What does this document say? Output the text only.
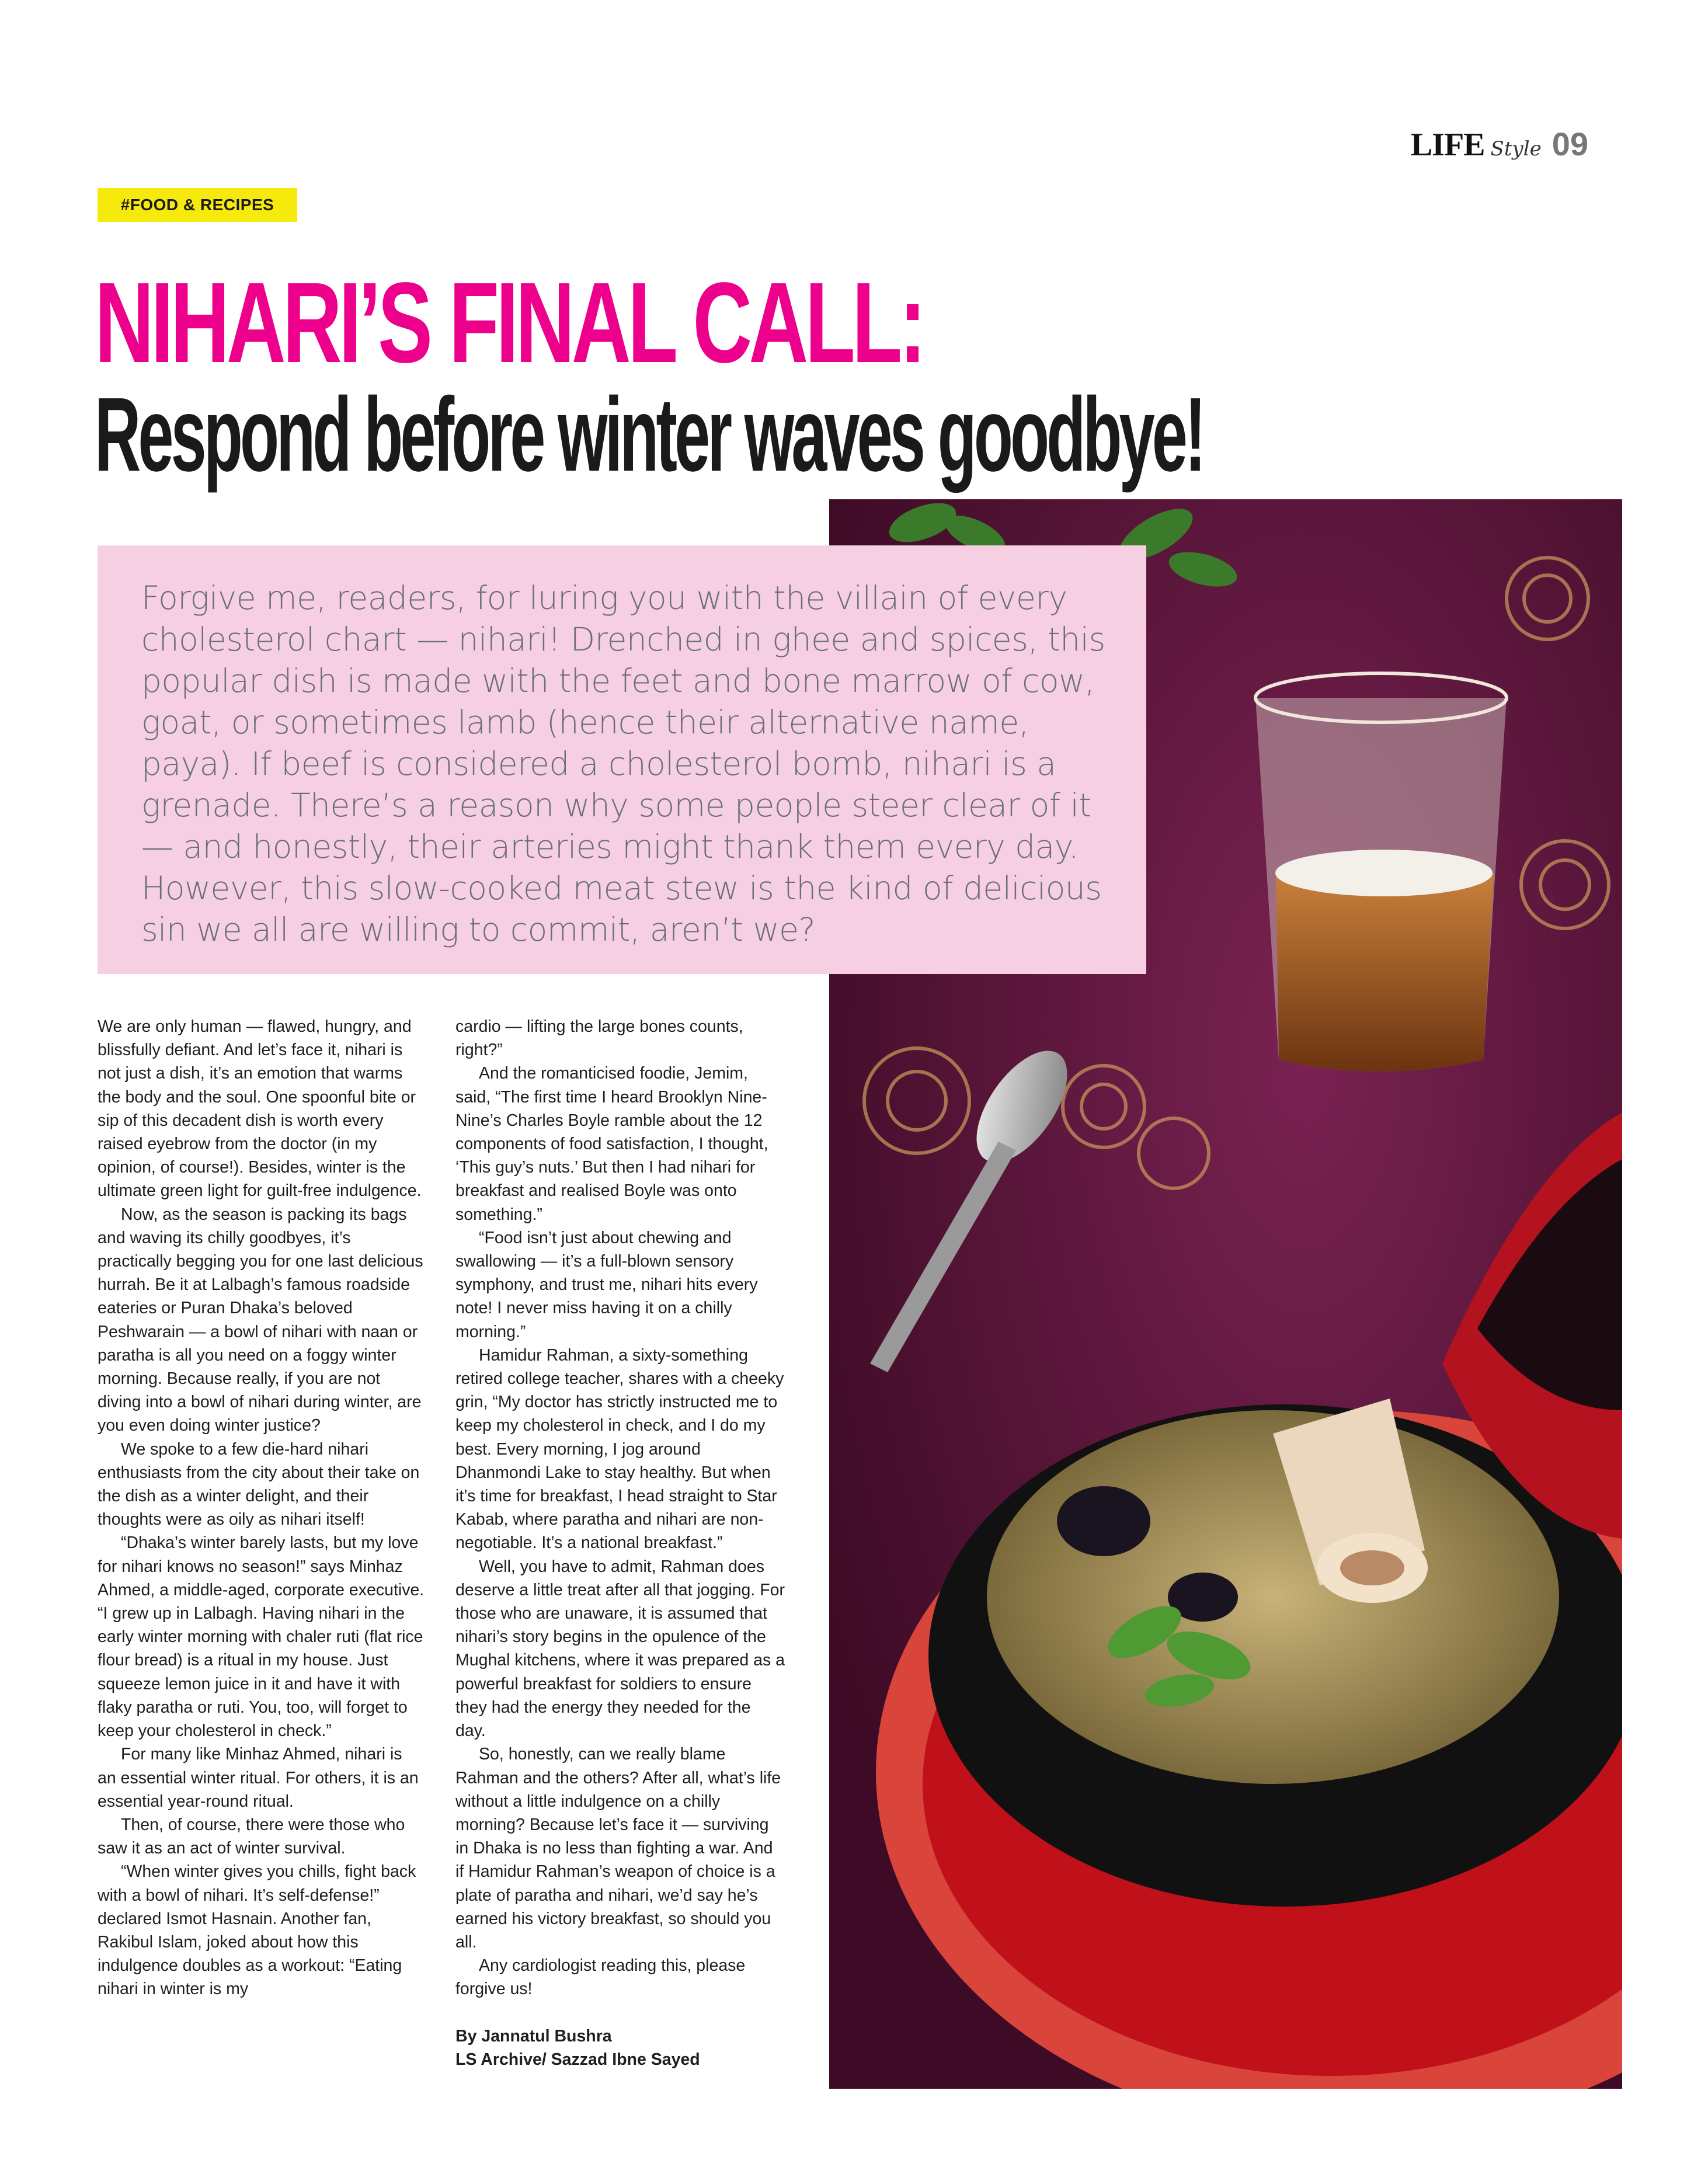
LIFE Style 09
#FOOD & RECIPES
NIHARI’S FINAL CALL:
Respond before winter waves goodbye!

Forgive me, readers, for luring you with the villain of every cholesterol chart — nihari! Drenched in ghee and spices, this popular dish is made with the feet and bone marrow of cow, goat, or sometimes lamb (hence their alternative name, paya). If beef is considered a cholesterol bomb, nihari is a grenade. There’s a reason why some people steer clear of it — and honestly, their arteries might thank them every day. However, this slow-cooked meat stew is the kind of delicious sin we all are willing to commit, aren’t we?

We are only human — flawed, hungry, and blissfully defiant. And let’s face it, nihari is not just a dish, it’s an emotion that warms the body and the soul. One spoonful bite or sip of this decadent dish is worth every raised eyebrow from the doctor (in my opinion, of course!). Besides, winter is the ultimate green light for guilt-free indulgence.

Now, as the season is packing its bags and waving its chilly goodbyes, it’s practically begging you for one last delicious hurrah. Be it at Lalbagh’s famous roadside eateries or Puran Dhaka’s beloved Peshwarain — a bowl of nihari with naan or paratha is all you need on a foggy winter morning. Because really, if you are not diving into a bowl of nihari during winter, are you even doing winter justice?

We spoke to a few die-hard nihari enthusiasts from the city about their take on the dish as a winter delight, and their thoughts were as oily as nihari itself!

“Dhaka’s winter barely lasts, but my love for nihari knows no season!” says Minhaz Ahmed, a middle-aged, corporate executive. “I grew up in Lalbagh. Having nihari in the early winter morning with chaler ruti (flat rice flour bread) is a ritual in my house. Just squeeze lemon juice in it and have it with flaky paratha or ruti. You, too, will forget to keep your cholesterol in check.”

For many like Minhaz Ahmed, nihari is an essential winter ritual. For others, it is an essential year-round ritual.

Then, of course, there were those who saw it as an act of winter survival.

“When winter gives you chills, fight back with a bowl of nihari. It’s self-defense!” declared Ismot Hasnain. Another fan, Rakibul Islam, joked about how this indulgence doubles as a workout: “Eating nihari in winter is my

cardio — lifting the large bones counts, right?”

And the romanticised foodie, Jemim, said, “The first time I heard Brooklyn Nine-Nine’s Charles Boyle ramble about the 12 components of food satisfaction, I thought, ‘This guy’s nuts.’ But then I had nihari for breakfast and realised Boyle was onto something.”

“Food isn’t just about chewing and swallowing — it’s a full-blown sensory symphony, and trust me, nihari hits every note! I never miss having it on a chilly morning.”

Hamidur Rahman, a sixty-something retired college teacher, shares with a cheeky grin, “My doctor has strictly instructed me to keep my cholesterol in check, and I do my best. Every morning, I jog around Dhanmondi Lake to stay healthy. But when it’s time for breakfast, I head straight to Star Kabab, where paratha and nihari are non-negotiable. It’s a national breakfast.”

Well, you have to admit, Rahman does deserve a little treat after all that jogging. For those who are unaware, it is assumed that nihari’s story begins in the opulence of the Mughal kitchens, where it was prepared as a powerful breakfast for soldiers to ensure they had the energy they needed for the day.

So, honestly, can we really blame Rahman and the others? After all, what’s life without a little indulgence on a chilly morning? Because let’s face it — surviving in Dhaka is no less than fighting a war. And if Hamidur Rahman’s weapon of choice is a plate of paratha and nihari, we’d say he’s earned his victory breakfast, so should you all.

Any cardiologist reading this, please forgive us!

By Jannatul Bushra

LS Archive/ Sazzad Ibne Sayed
